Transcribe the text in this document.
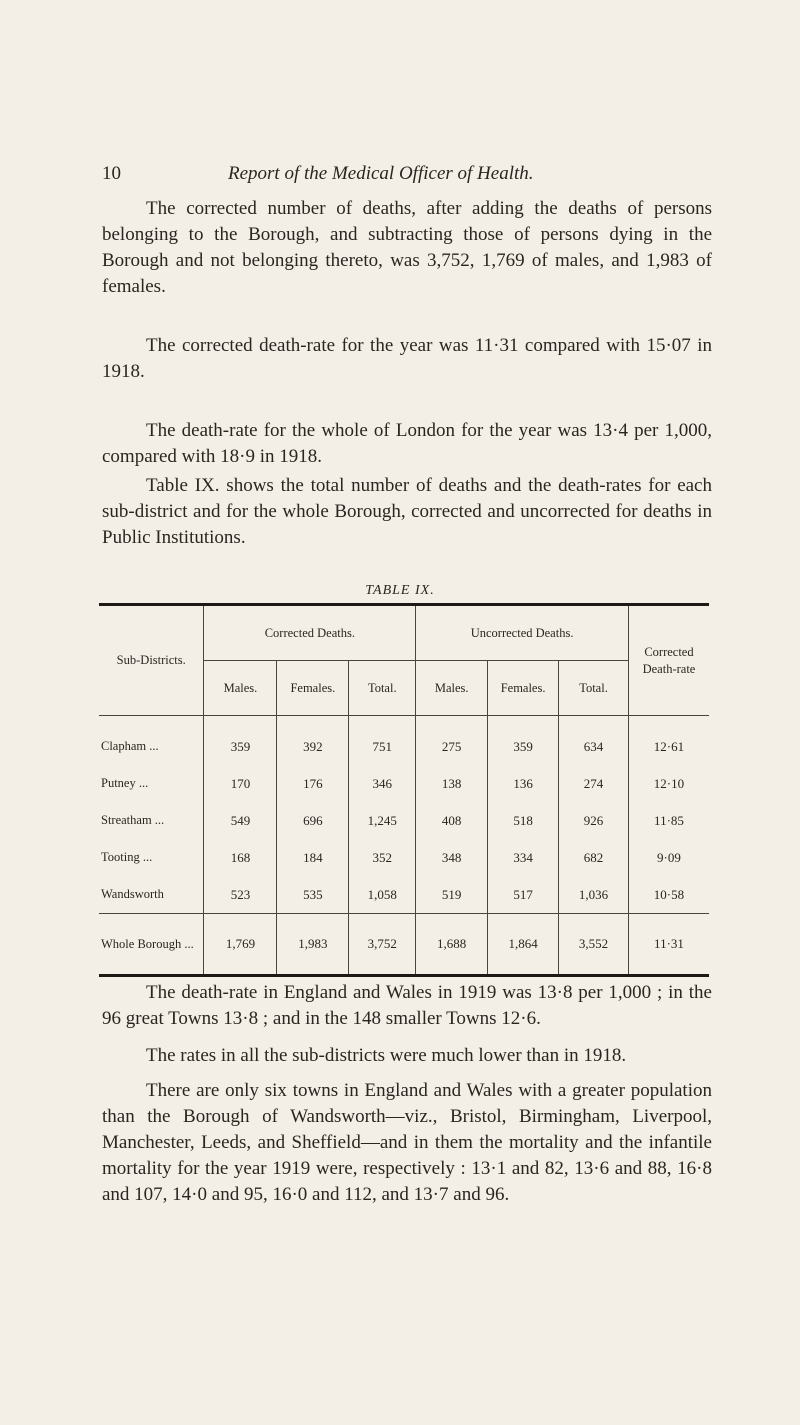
10	Report of the Medical Officer of Health.

The corrected number of deaths, after adding the deaths of persons belonging to the Borough, and subtracting those of persons dying in the Borough and not belonging thereto, was 3,752, 1,769 of males, and 1,983 of females.

The corrected death-rate for the year was 11·31 compared with 15·07 in 1918.

The death-rate for the whole of London for the year was 13·4 per 1,000, compared with 18·9 in 1918.

Table IX. shows the total number of deaths and the death-rates for each sub-district and for the whole Borough, corrected and uncorrected for deaths in Public Institutions.

TABLE IX.
Sub-Districts.	Corrected Deaths.			Uncorrected Deaths.			Corrected Death-rate
	Males.	Females.	Total.	Males.	Females.	Total.	

Clapham ...	359	392	751	275	359	634	12·61
Putney ...	170	176	346	138	136	274	12·10
Streatham ...	549	696	1,245	408	518	926	11·85
Tooting ...	168	184	352	348	334	682	9·09
Wandsworth	523	535	1,058	519	517	1,036	10·58
Whole Borough ...	1,769	1,983	3,752	1,688	1,864	3,552	11·31

The death-rate in England and Wales in 1919 was 13·8 per 1,000 ; in the 96 great Towns 13·8 ; and in the 148 smaller Towns 12·6.

The rates in all the sub-districts were much lower than in 1918.

There are only six towns in England and Wales with a greater population than the Borough of Wandsworth—viz., Bristol, Birmingham, Liverpool, Manchester, Leeds, and Sheffield—and in them the mortality and the infantile mortality for the year 1919 were, respectively : 13·1 and 82, 13·6 and 88, 16·8 and 107, 14·0 and 95, 16·0 and 112, and 13·7 and 96.
